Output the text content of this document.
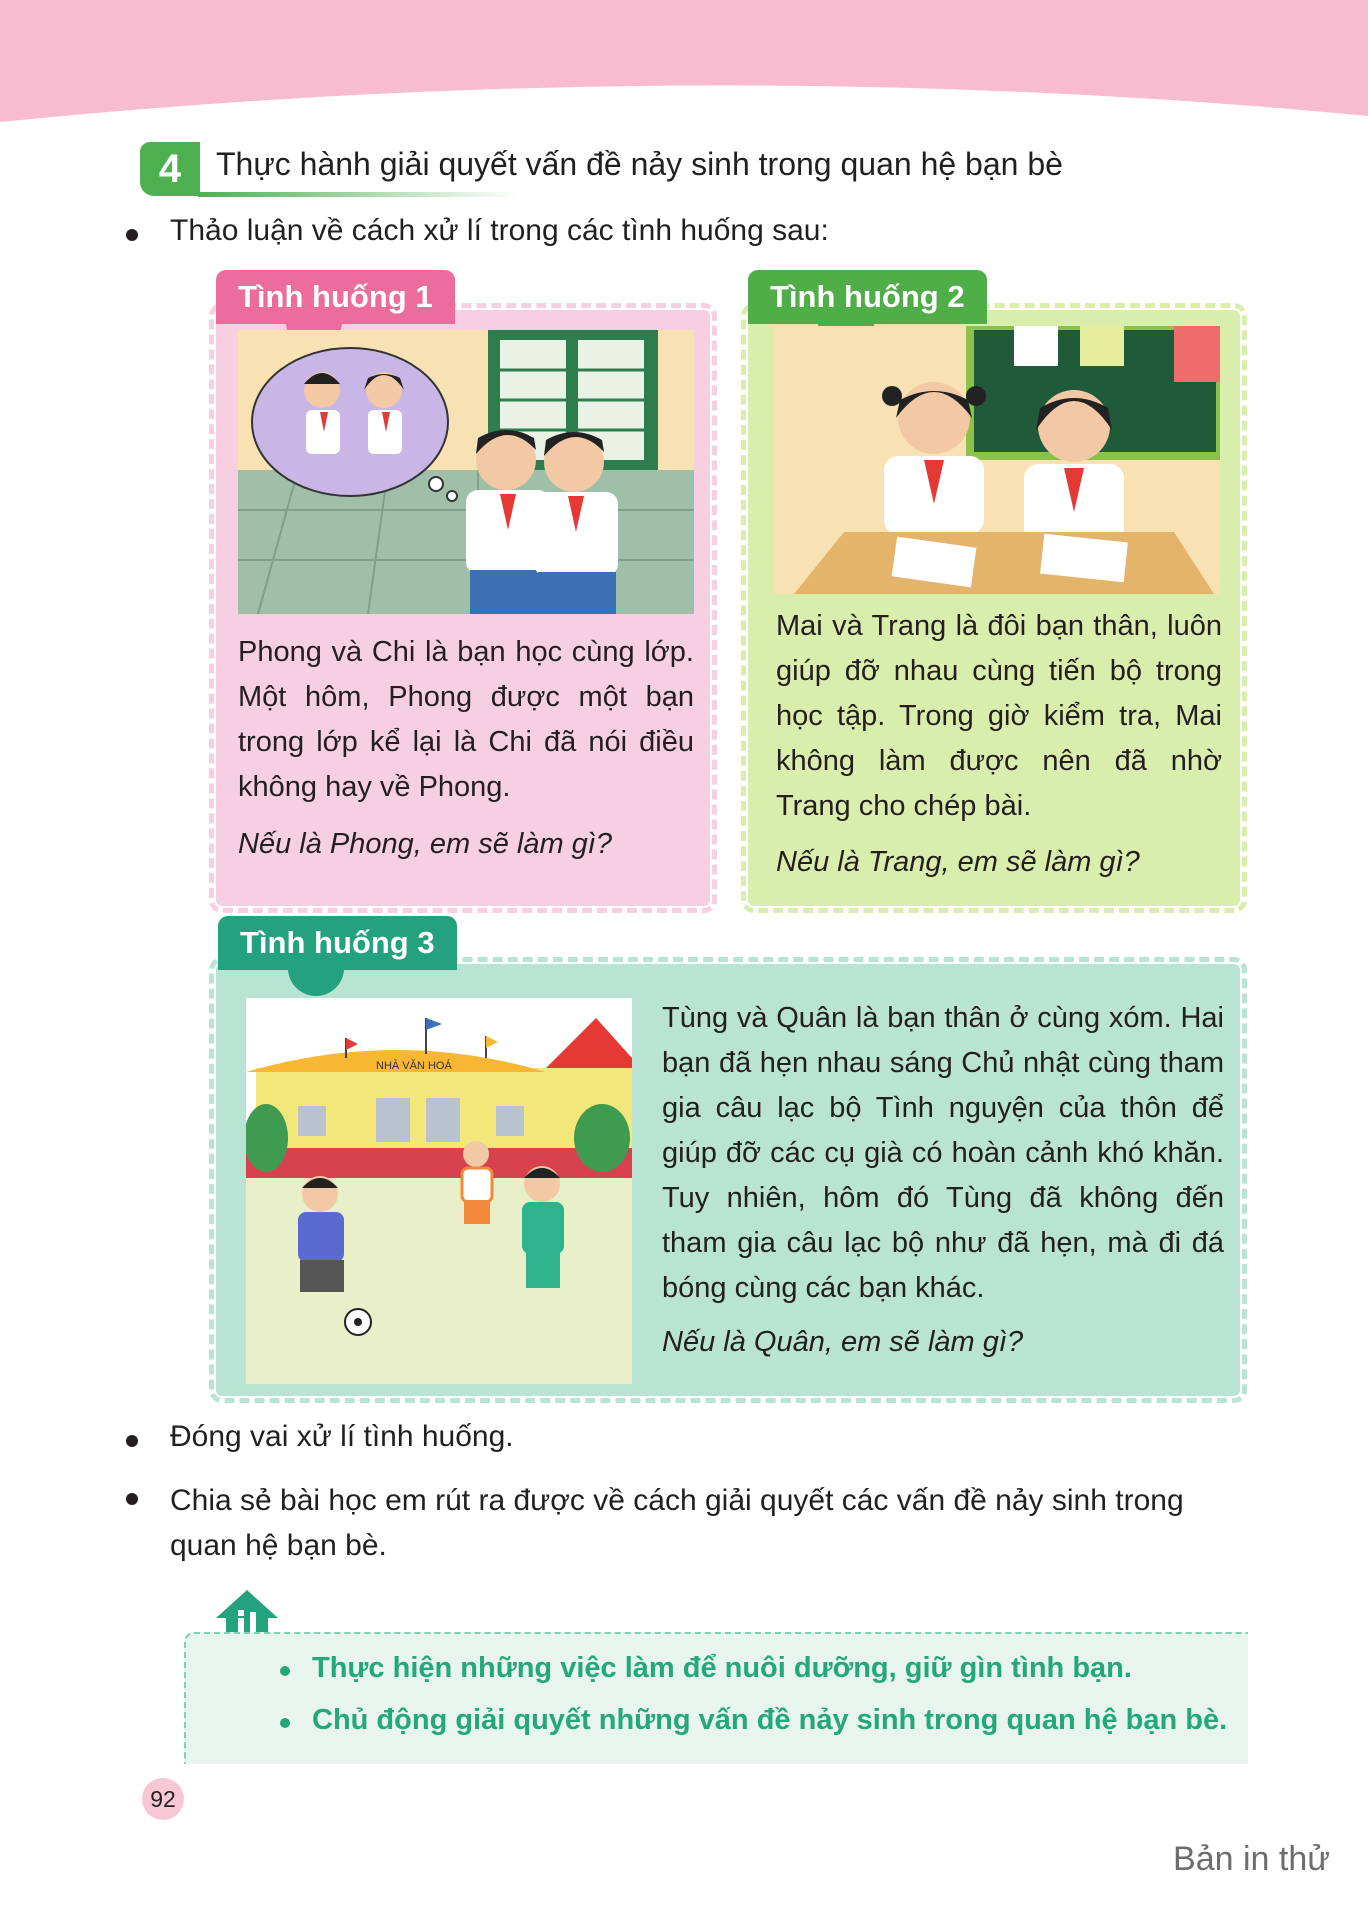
4	Thực hành giải quyết vấn đề nảy sinh trong quan hệ bạn bè
Thảo luận về cách xử lí trong các tình huống sau:
Tình huống 1
Phong và Chi là bạn học cùng lớp. Một hôm, Phong được một bạn trong lớp kể lại là Chi đã nói điều không hay về Phong.
Nếu là Phong, em sẽ làm gì?
Tình huống 2
Mai và Trang là đôi bạn thân, luôn giúp đỡ nhau cùng tiến bộ trong học tập. Trong giờ kiểm tra, Mai không làm được nên đã nhờ Trang cho chép bài.
Nếu là Trang, em sẽ làm gì?
Tình huống 3
NHÀ VĂN HOÁ
Tùng và Quân là bạn thân ở cùng xóm. Hai bạn đã hẹn nhau sáng Chủ nhật cùng tham gia câu lạc bộ Tình nguyện của thôn để giúp đỡ các cụ già có hoàn cảnh khó khăn. Tuy nhiên, hôm đó Tùng đã không đến tham gia câu lạc bộ như đã hẹn, mà đi đá bóng cùng các bạn khác.
Nếu là Quân, em sẽ làm gì?
Đóng vai xử lí tình huống.
Chia sẻ bài học em rút ra được về cách giải quyết các vấn đề nảy sinh trong quan hệ bạn bè.
Thực hiện những việc làm để nuôi dưỡng, giữ gìn tình bạn.
Chủ động giải quyết những vấn đề nảy sinh trong quan hệ bạn bè.
92
Bản in thử
